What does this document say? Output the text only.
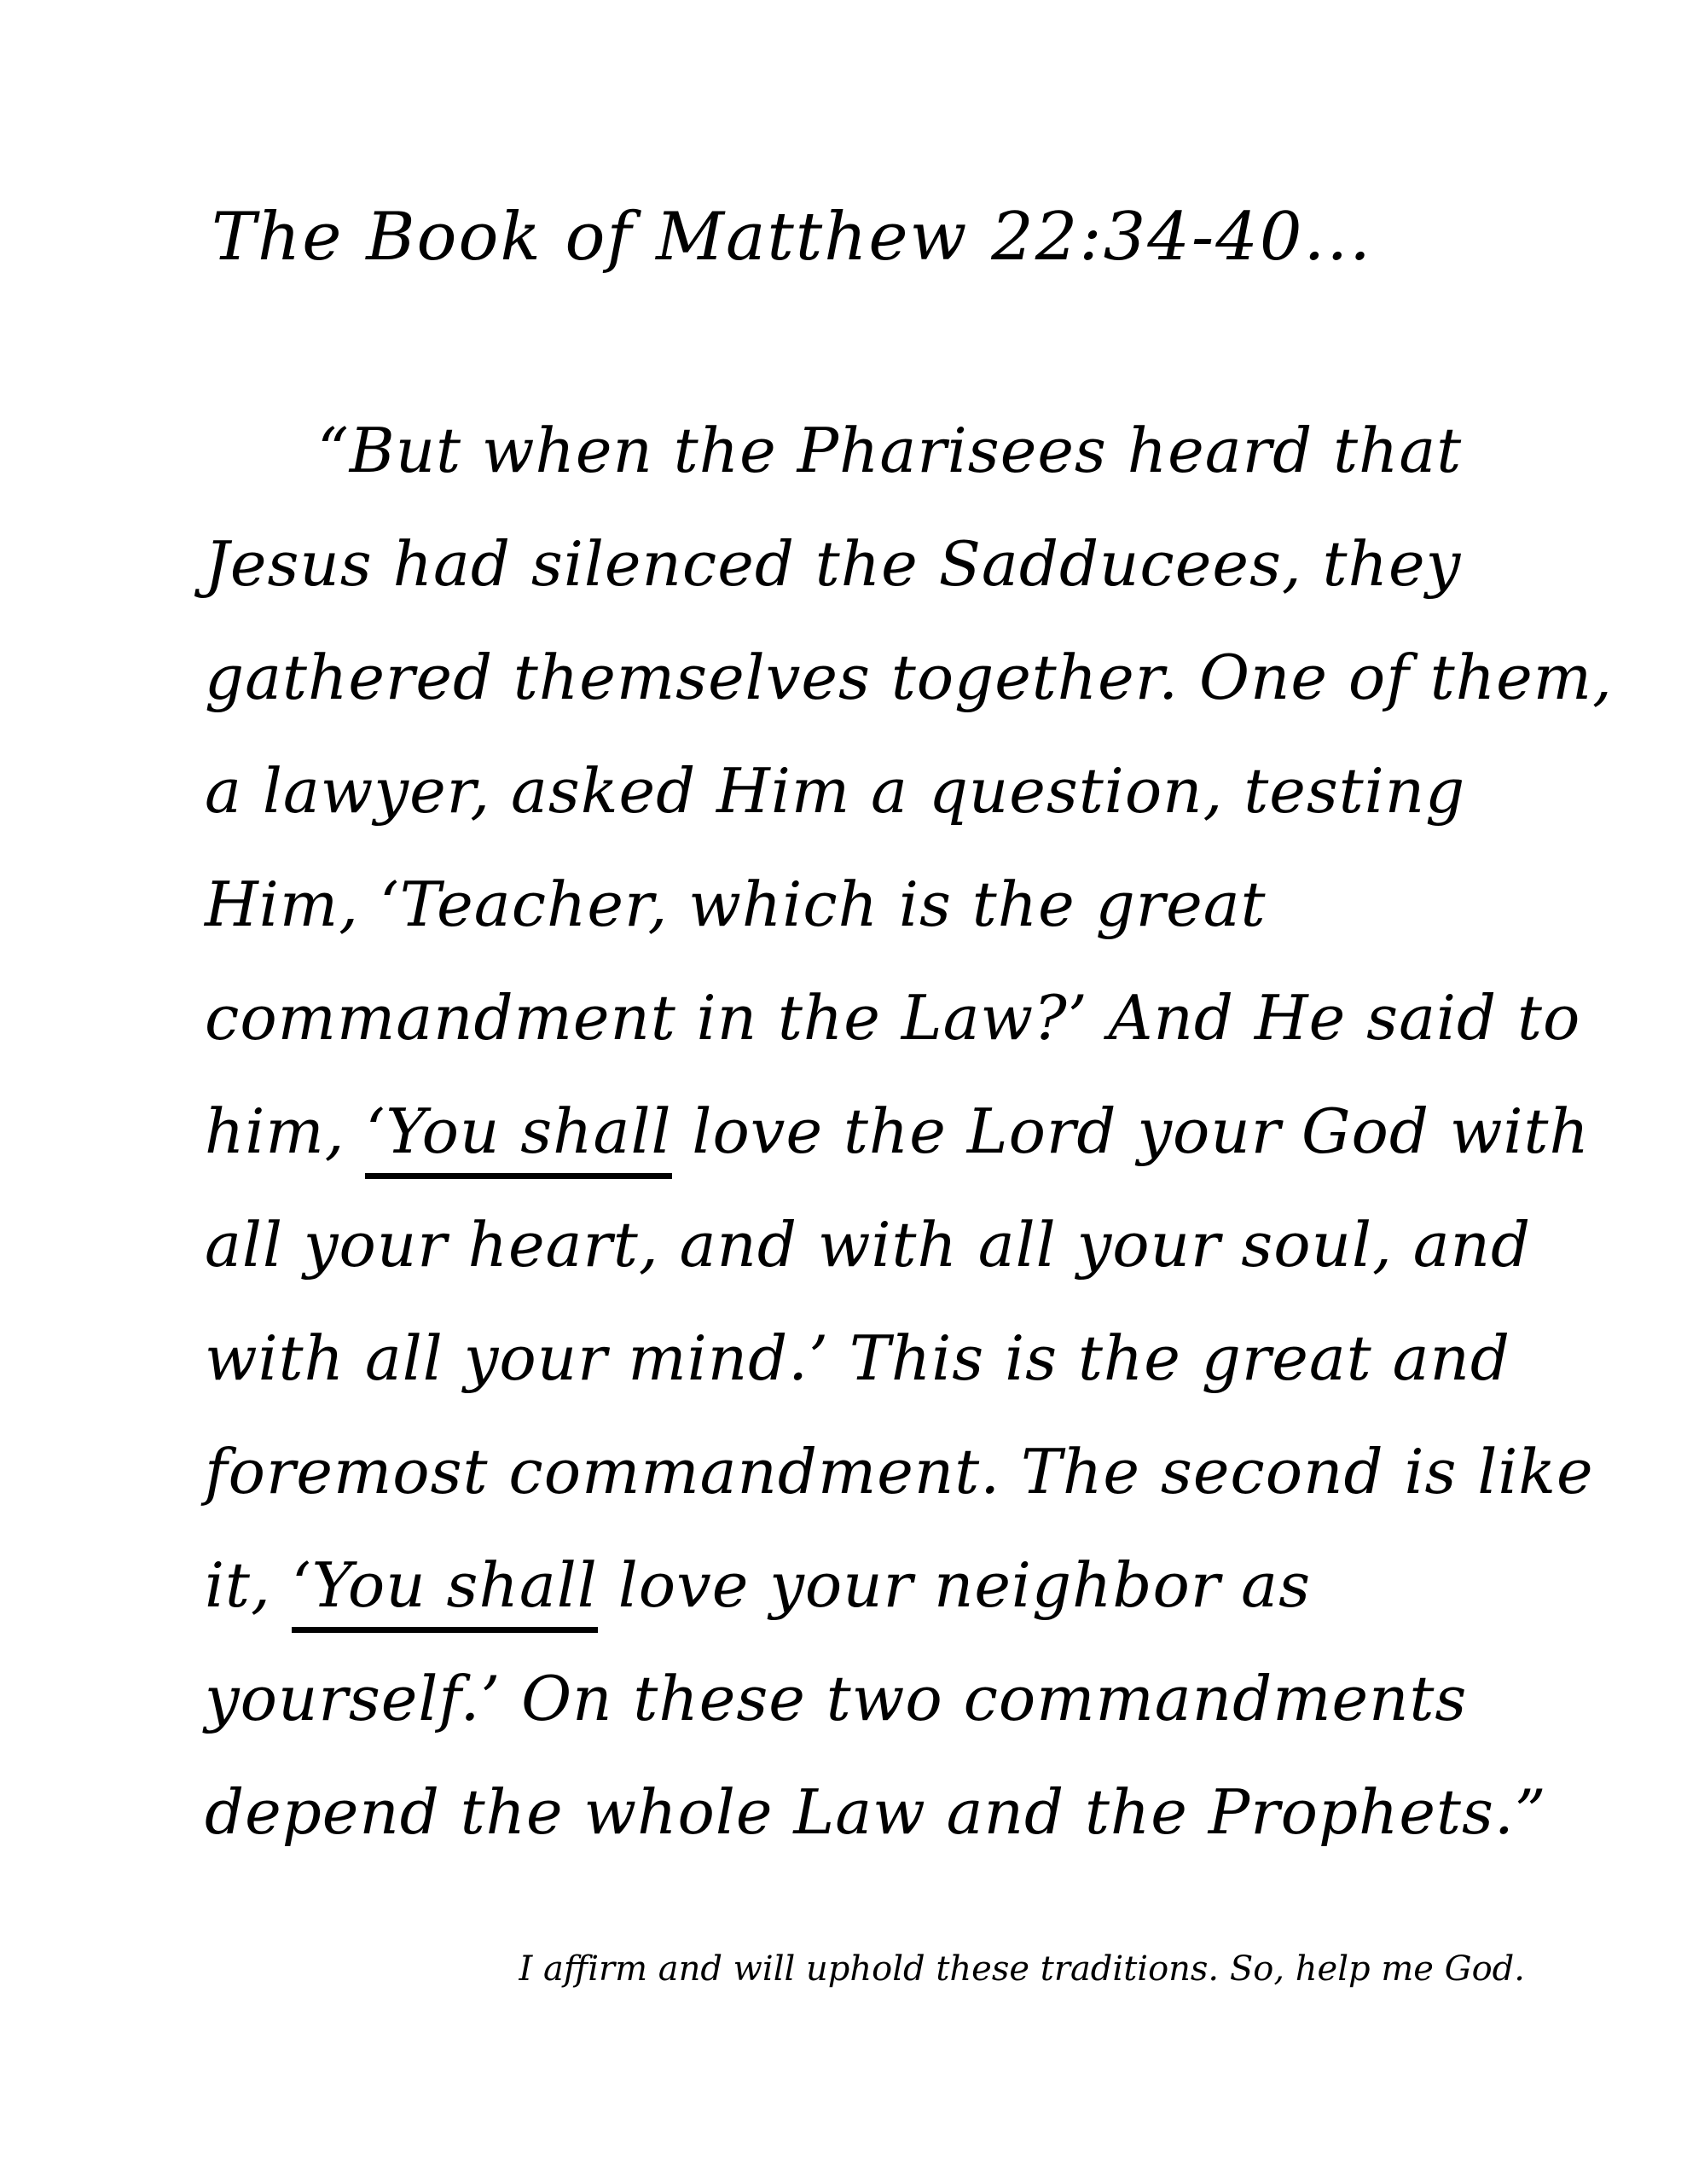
The Book of Matthew 22:34-40...
“But when the Pharisees heard that
Jesus had silenced the Sadducees, they
gathered themselves together. One of them,
a lawyer, asked Him a question, testing
Him, ‘Teacher, which is the great
commandment in the Law?’ And He said to
him, ‘You shall love the Lord your God with
all your heart, and with all your soul, and
with all your mind.’ This is the great and
foremost commandment. The second is like
it, ‘You shall love your neighbor as
yourself.’ On these two commandments
depend the whole Law and the Prophets.”
I affirm and will uphold these traditions. So, help me God.
